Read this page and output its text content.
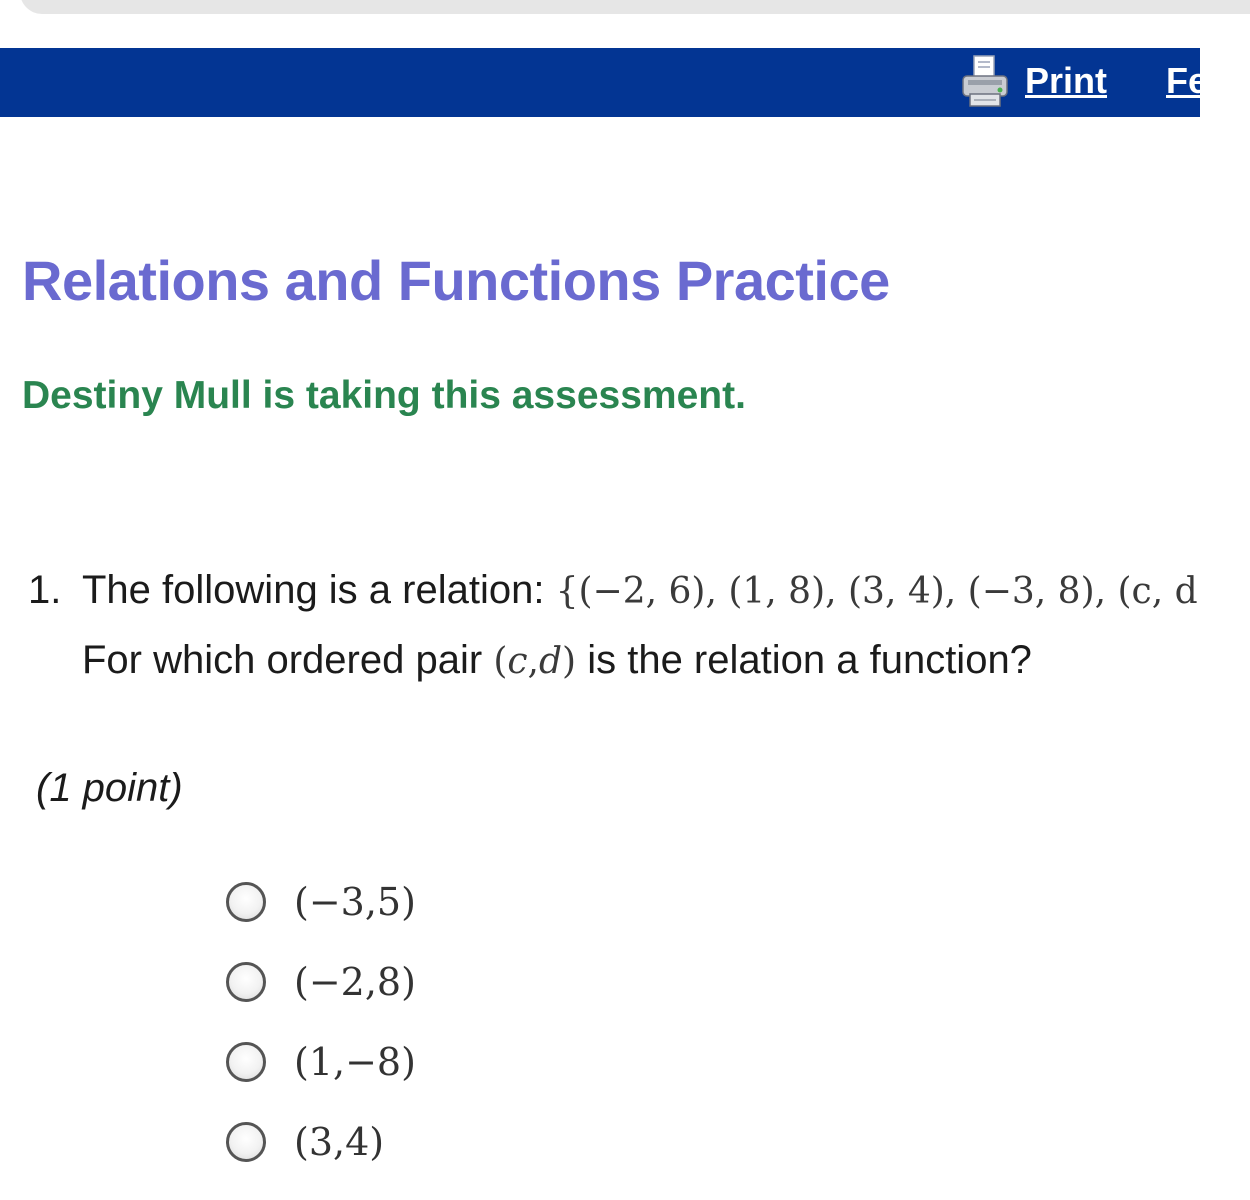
Print Fe
Relations and Functions Practice

Destiny Mull is taking this assessment.

1. The following is a relation: {(−2, 6), (1, 8), (3, 4), (−3, 8), (c, d
For which ordered pair (c,d) is the relation a function?
(1 point)
(−3,5)
(−2,8)
(1,−8)
(3,4)
